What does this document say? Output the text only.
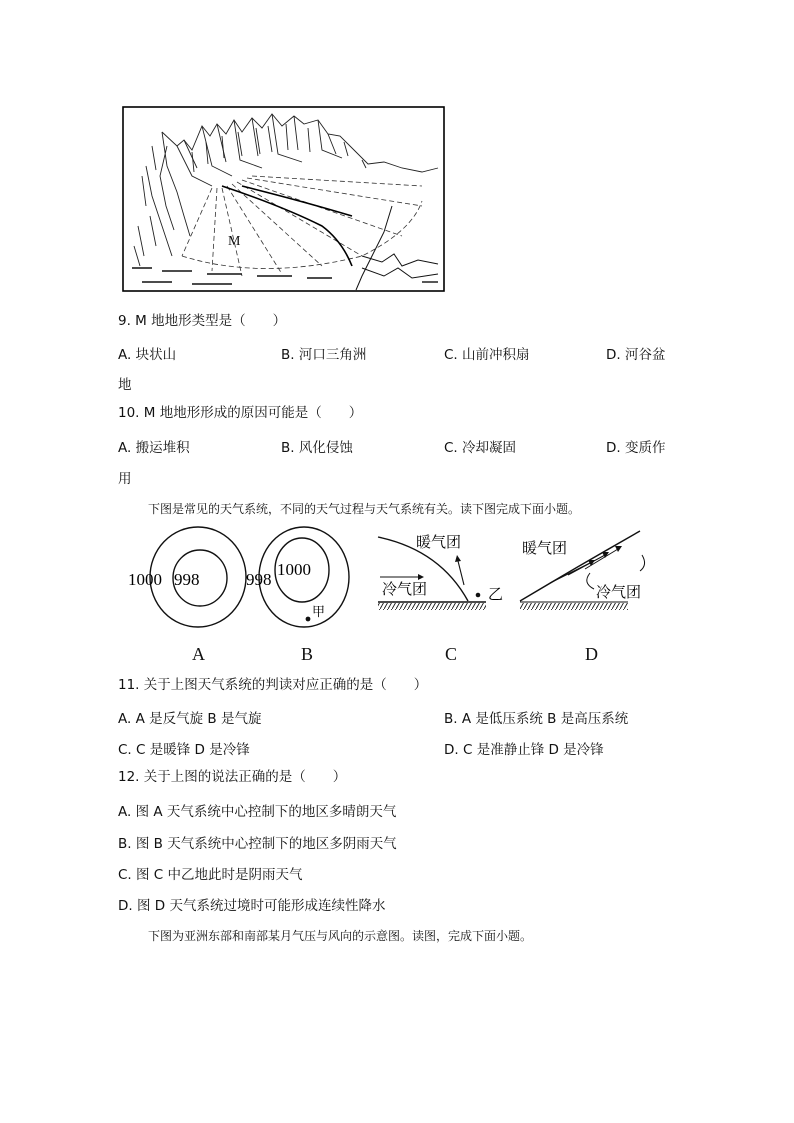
M
9. M 地地形类型是（　　）
A. 块状山	B. 河口三角洲	C. 山前冲积扇	D. 河谷盆
地
10. M 地地形形成的原因可能是（　　）
A. 搬运堆积	B. 风化侵蚀	C. 冷却凝固	D. 变质作
用
下图是常见的天气系统，不同的天气过程与天气系统有关。读下图完成下面小题。
1000 998	998
1000
甲
暖气团
冷气团	乙
暖气团
冷气团
A	B	C	D
11. 关于上图天气系统的判读对应正确的是（　　）
A. A 是反气旋 B 是气旋	B. A 是低压系统 B 是高压系统
C. C 是暖锋 D 是冷锋	D. C 是准静止锋 D 是冷锋
12. 关于上图的说法正确的是（　　）
A. 图 A 天气系统中心控制下的地区多晴朗天气
B. 图 B 天气系统中心控制下的地区多阴雨天气
C. 图 C 中乙地此时是阴雨天气
D. 图 D 天气系统过境时可能形成连续性降水
下图为亚洲东部和南部某月气压与风向的示意图。读图，完成下面小题。
